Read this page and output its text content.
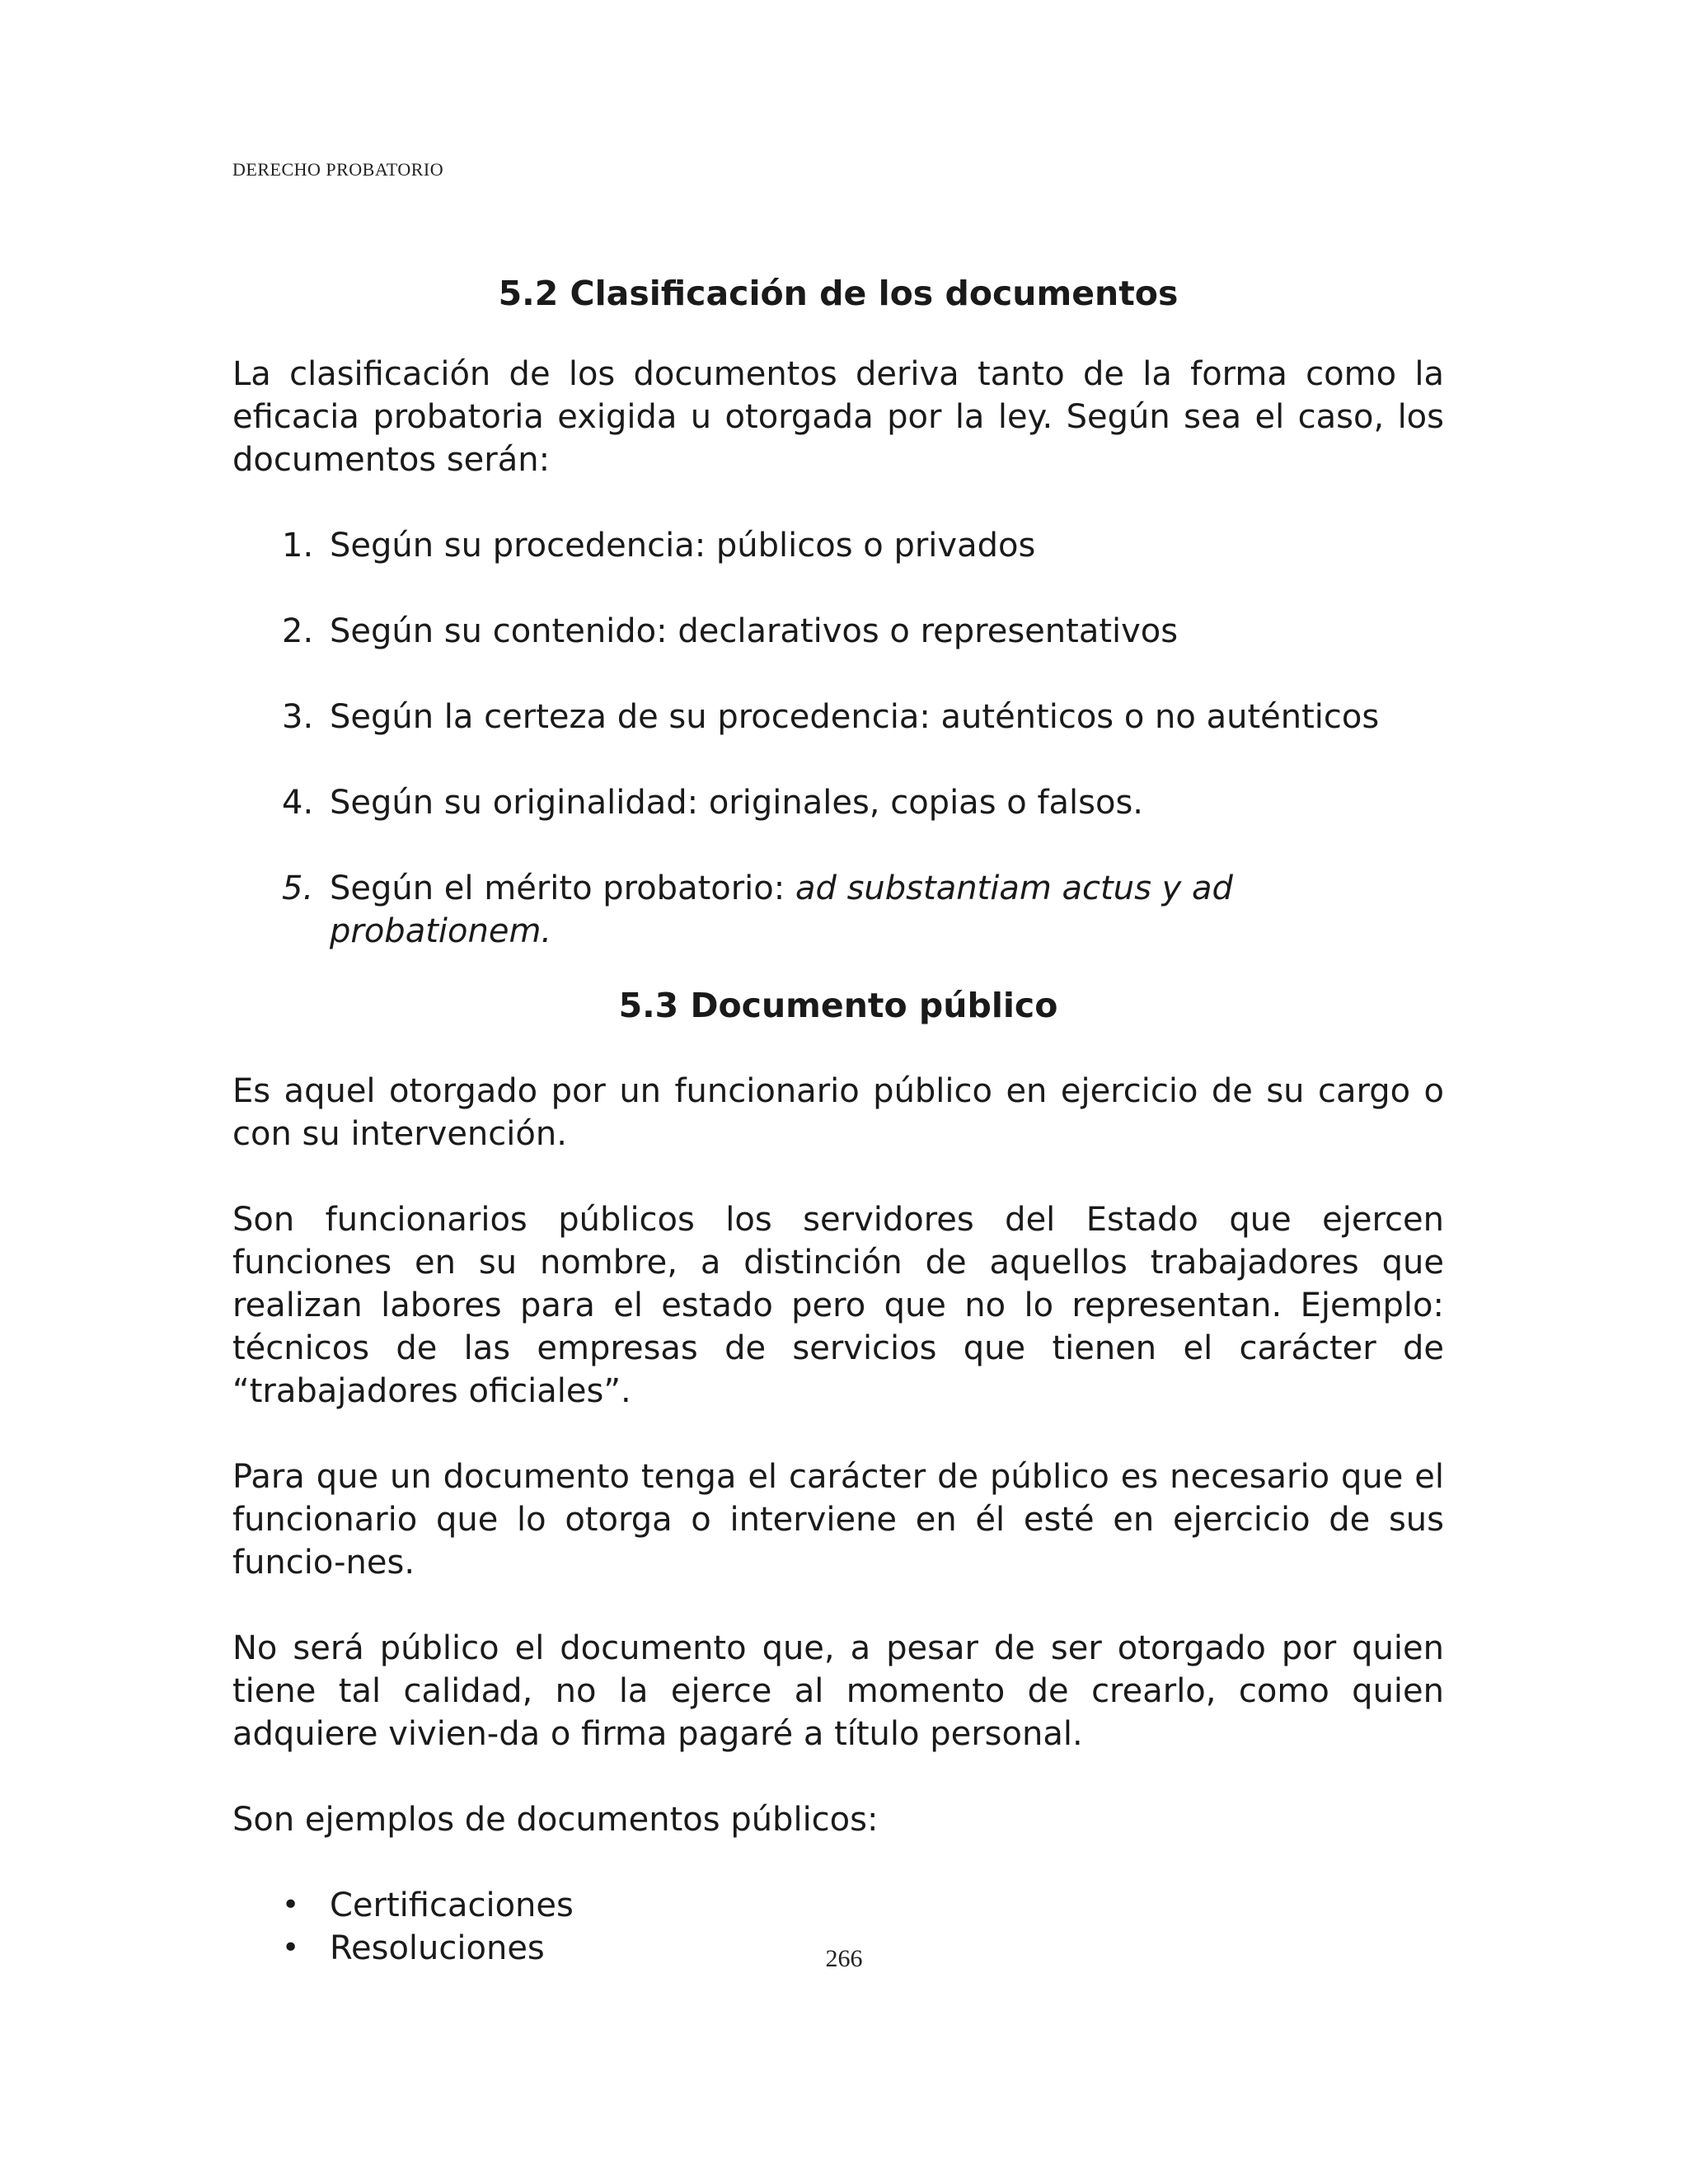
DERECHO PROBATORIO
5.2 Clasificación de los documentos

La clasificación de los documentos deriva tanto de la forma como la eficacia probatoria exigida u otorgada por la ley. Según sea el caso, los documentos serán:

1. Según su procedencia: públicos o privados
2. Según su contenido: declarativos o representativos
3. Según la certeza de su procedencia: auténticos o no auténticos
4. Según su originalidad: originales, copias o falsos.
5. Según el mérito probatorio: ad substantiam actus y ad probationem.
5.3 Documento público

Es aquel otorgado por un funcionario público en ejercicio de su cargo o con su intervención.

Son funcionarios públicos los servidores del Estado que ejercen funciones en su nombre, a distinción de aquellos trabajadores que realizan labores para el estado pero que no lo representan. Ejemplo: técnicos de las empresas de servicios que tienen el carácter de “trabajadores oficiales”.

Para que un documento tenga el carácter de público es necesario que el funcionario que lo otorga o interviene en él esté en ejercicio de sus funcio-nes.

No será público el documento que, a pesar de ser otorgado por quien tiene tal calidad, no la ejerce al momento de crearlo, como quien adquiere vivien-da o firma pagaré a título personal.

Son ejemplos de documentos públicos:

• Certificaciones
• Resoluciones	266
